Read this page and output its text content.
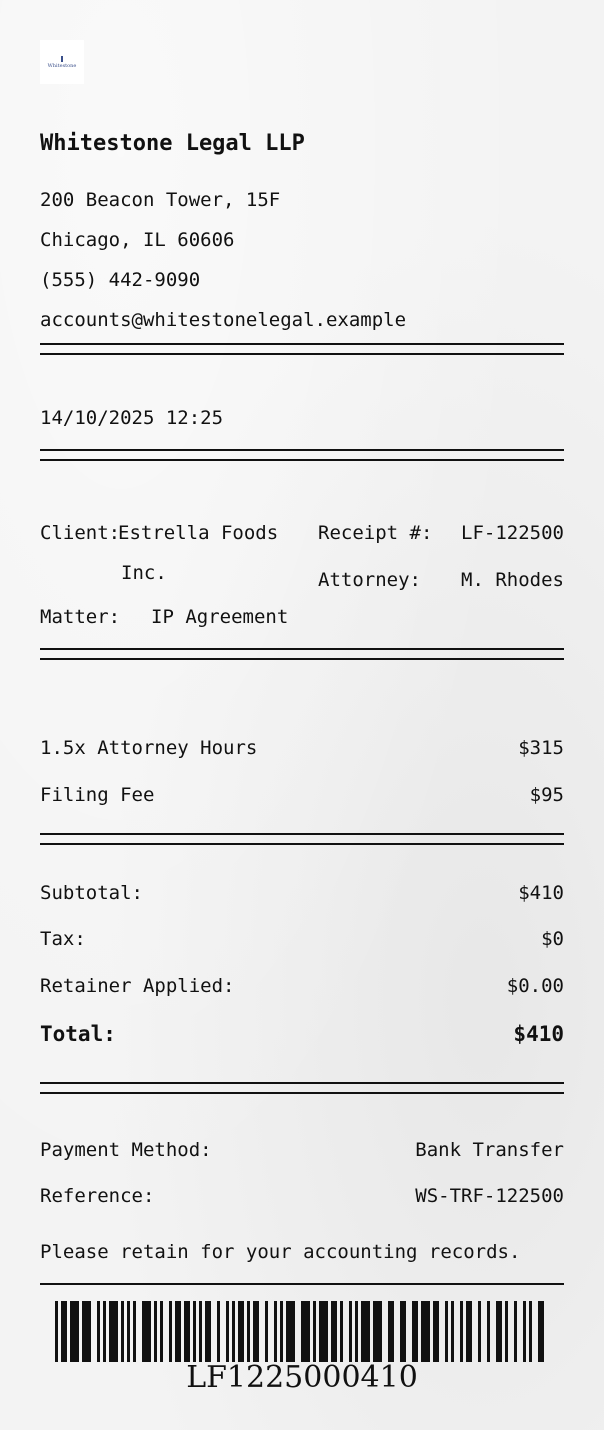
Whitestone
Whitestone Legal LLP
200 Beacon Tower, 15F
Chicago, IL 60606
(555) 442-9090
accounts@whitestonelegal.example
14/10/2025 12:25
Client:
Estrella Foods
Inc.
Matter: IP Agreement
Receipt #: LF-122500
Attorney: M. Rhodes
1.5x Attorney Hours	$315
Filing Fee	$95
Subtotal:	$410
Tax:	$0
Retainer Applied:	$0.00
Total:	$410
Payment Method:	Bank Transfer
Reference:	WS-TRF-122500
Please retain for your accounting records.
LF1225000410
